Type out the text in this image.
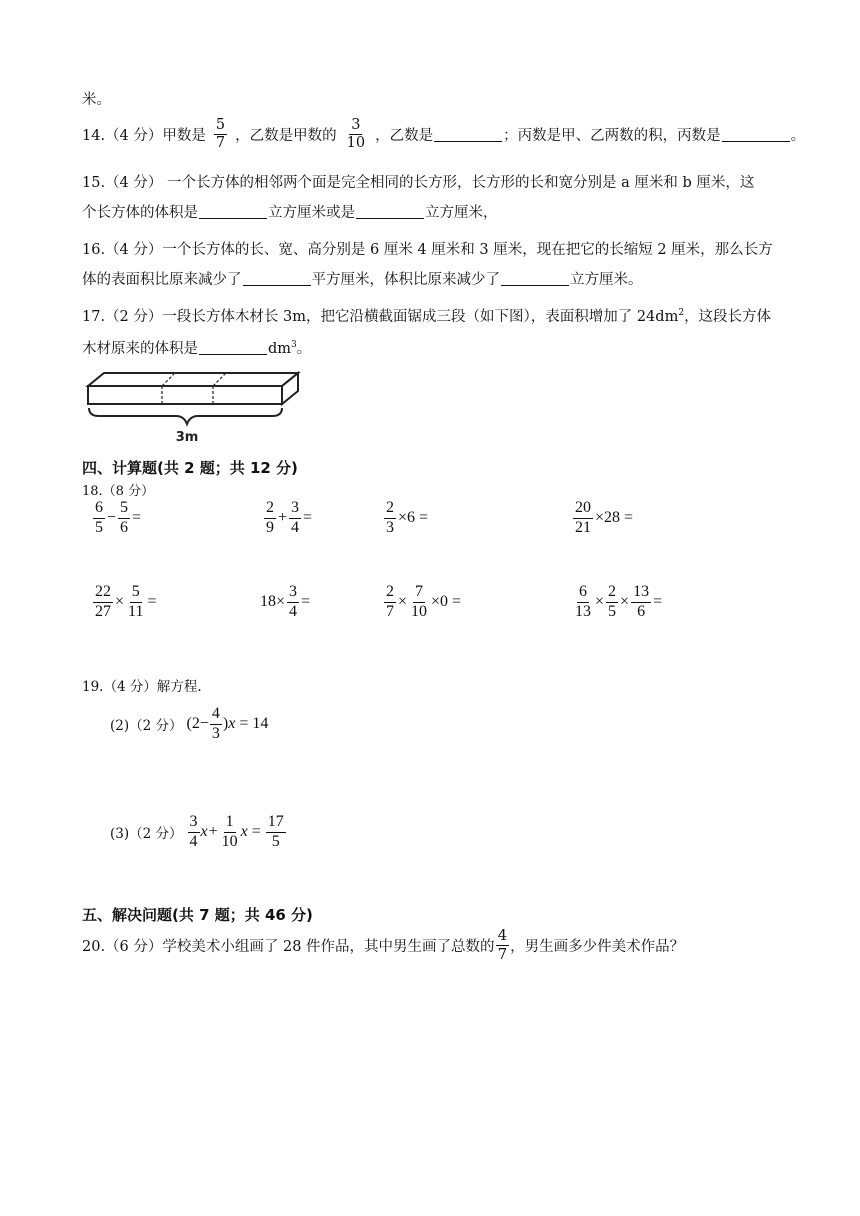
米。
14.（4 分）甲数是 $\frac{5}{7}$ ，乙数是甲数的 $\frac{3}{10}$ ，乙数是	；丙数是甲、乙两数的积，丙数是	。
15.（4 分） 一个长方体的相邻两个面是完全相同的长方形，长方形的长和宽分别是 a 厘米和 b 厘米，这
个长方体的体积是	立方厘米或是	立方厘米，
16.（4 分）一个长方体的长、宽、高分别是 6 厘米 4 厘米和 3 厘米，现在把它的长缩短 2 厘米，那么长方
体的表面积比原来减少了	平方厘米，体积比原来减少了	立方厘米。
17.（2 分）一段长方体木材长 3m，把它沿横截面锯成三段（如下图），表面积增加了 $24dm^2$，这段长方体
木材原来的体积是	$dm^3$。
3m
四、计算题(共 2 题；共 12 分)
18.（8 分）
$\frac{6}{5} - \frac{5}{6}$ =	$\frac{2}{9} + \frac{3}{4}$ =	$\frac{2}{3} \times 6$ =	$\frac{20}{21} \times 28$ =
$\frac{22}{27} \times \frac{5}{11}$ =	$18\times \frac{3}{4}$ =	$\frac{2}{7} \times \frac{7}{10} \times 0$ =	$\frac{6}{13} \times \frac{2}{5} \times \frac{13}{6}$ =
19.（4 分）解方程.
(2)（2 分） ($2- \frac{4}{3}$ ) x = 14
(3)（2 分） $\frac{3}{4}$ $x + \frac{1}{10}$ $x = \frac{17}{5}$
五、解决问题(共 7 题；共 46 分)
20.（6 分）学校美术小组画了 28 件作品，其中男生画了总数的 $\frac{4}{7}$ ，男生画多少件美术作品？
